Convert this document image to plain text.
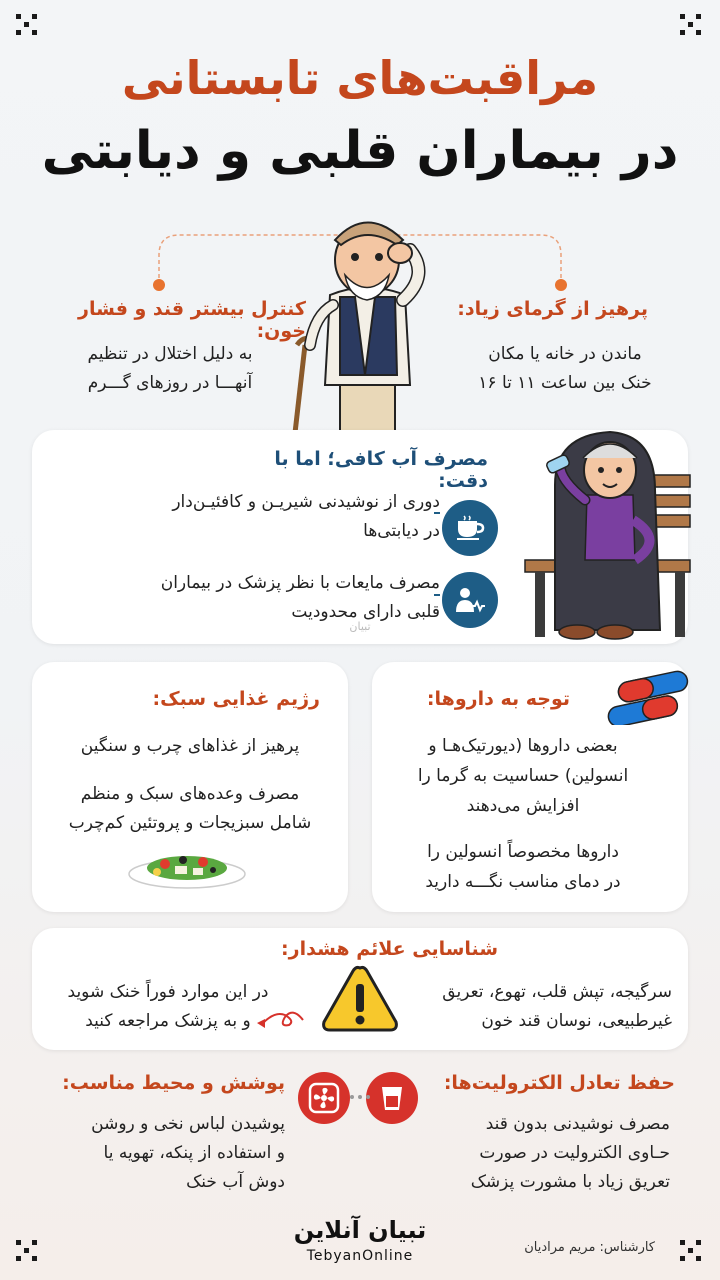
مراقبت‌های تابستانی
در بیماران قلبی و دیابتی
پرهیز از گرمای زیاد:
ماندن در خانه یا مکان
خنک بین ساعت ۱۱ تا ۱۶
کنترل بیشتر قند و فشار خون:
به دلیل اختلال در تنظیم
آنهـــا در روزهای گـــرم
مصرف آب کافی؛ اما با دقت:
دوری از نوشیدنی شیریـن و کافئیـن‌دار
در دیابتی‌ها
مصرف مایعات با نظر پزشک در بیماران
قلبی دارای محدودیت
تبیان
توجه به داروها:
بعضی داروها (دیورتیک‌هـا و
انسولین) حساسیت به گرما را
افزایش می‌دهند
داروها مخصوصاً انسولین را
در دمای مناسب نگـــه دارید
رژیم غذایی سبک:
پرهیز از غذاهای چرب و سنگین
مصرف وعده‌های سبک و منظم
شامل سبزیجات و پروتئین کم‌چرب
شناسایی علائم هشدار:
سرگیجه، تپش قلب، تهوع، تعریق
غیرطبیعی، نوسان قند خون
در این موارد فوراً خنک شوید
و به پزشک مراجعه کنید
حفظ تعادل الکترولیت‌ها:
مصرف نوشیدنی بدون قند
حـاوی الکترولیت در صورت
تعریق زیاد با مشورت پزشک
پوشش و محیط مناسب:
پوشیدن لباس نخی و روشن
و استفاده از پنکه، تهویه یا
دوش آب خنک
تبیان آنلاین
TebyanOnline
کارشناس: مریم مرادیان
